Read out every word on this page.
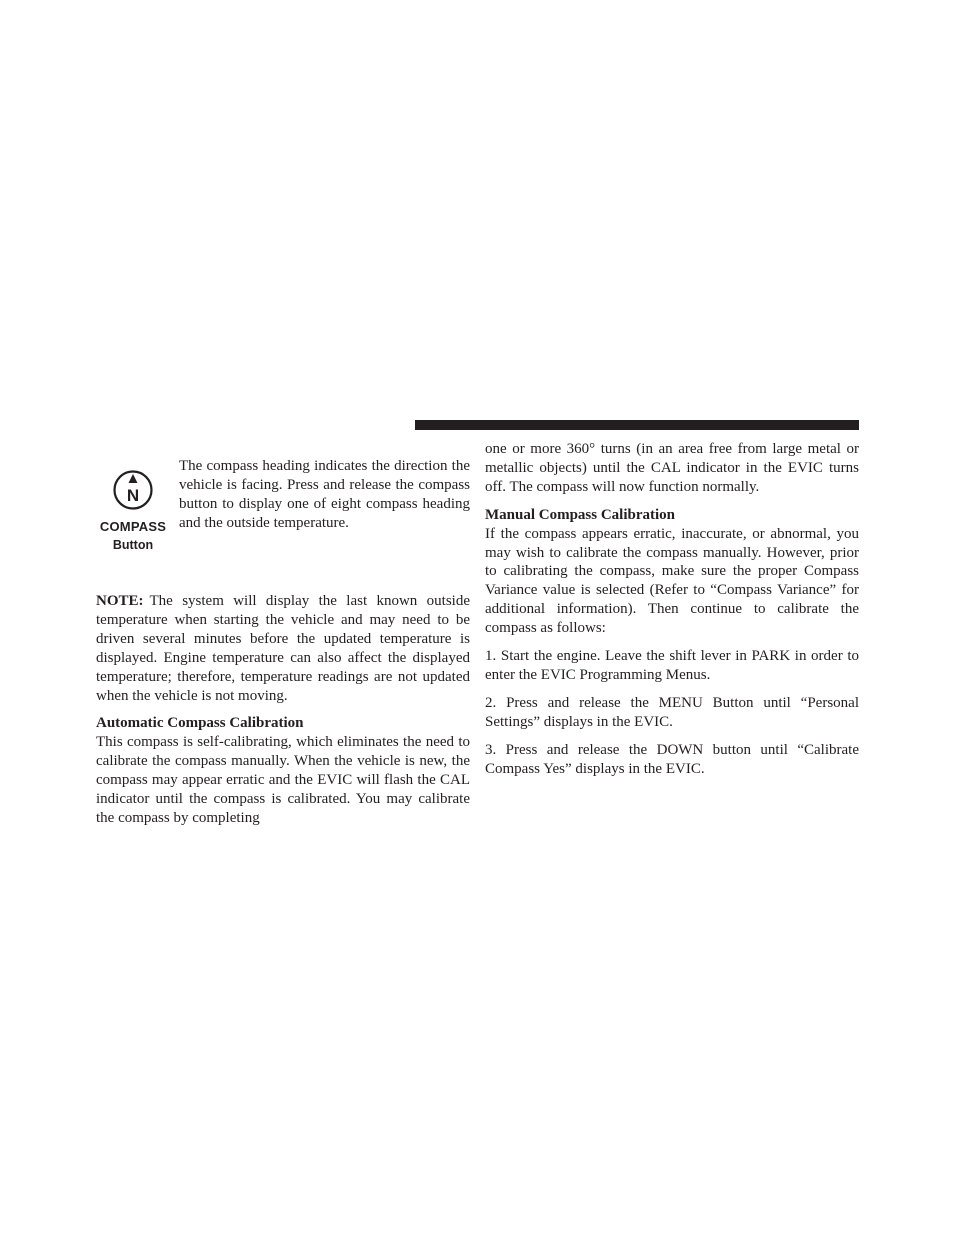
N
COMPASS
Button

The compass heading indicates the direction the vehicle is facing. Press and release the compass button to display one of eight compass heading and the outside temperature.

NOTE: The system will display the last known outside temperature when starting the vehicle and may need to be driven several minutes before the updated temperature is displayed. Engine temperature can also affect the displayed temperature; therefore, temperature readings are not updated when the vehicle is not moving.

Automatic Compass Calibration

This compass is self-calibrating, which eliminates the need to calibrate the compass manually. When the vehicle is new, the compass may appear erratic and the EVIC will flash the CAL indicator until the compass is calibrated. You may calibrate the compass by completing

one or more 360° turns (in an area free from large metal or metallic objects) until the CAL indicator in the EVIC turns off. The compass will now function normally.

Manual Compass Calibration

If the compass appears erratic, inaccurate, or abnormal, you may wish to calibrate the compass manually. However, prior to calibrating the compass, make sure the proper Compass Variance value is selected (Refer to “Compass Variance” for additional information). Then continue to calibrate the compass as follows:

1. Start the engine. Leave the shift lever in PARK in order to enter the EVIC Programming Menus.

2. Press and release the MENU Button until “Personal Settings” displays in the EVIC.

3. Press and release the DOWN button until “Calibrate Compass Yes” displays in the EVIC.
